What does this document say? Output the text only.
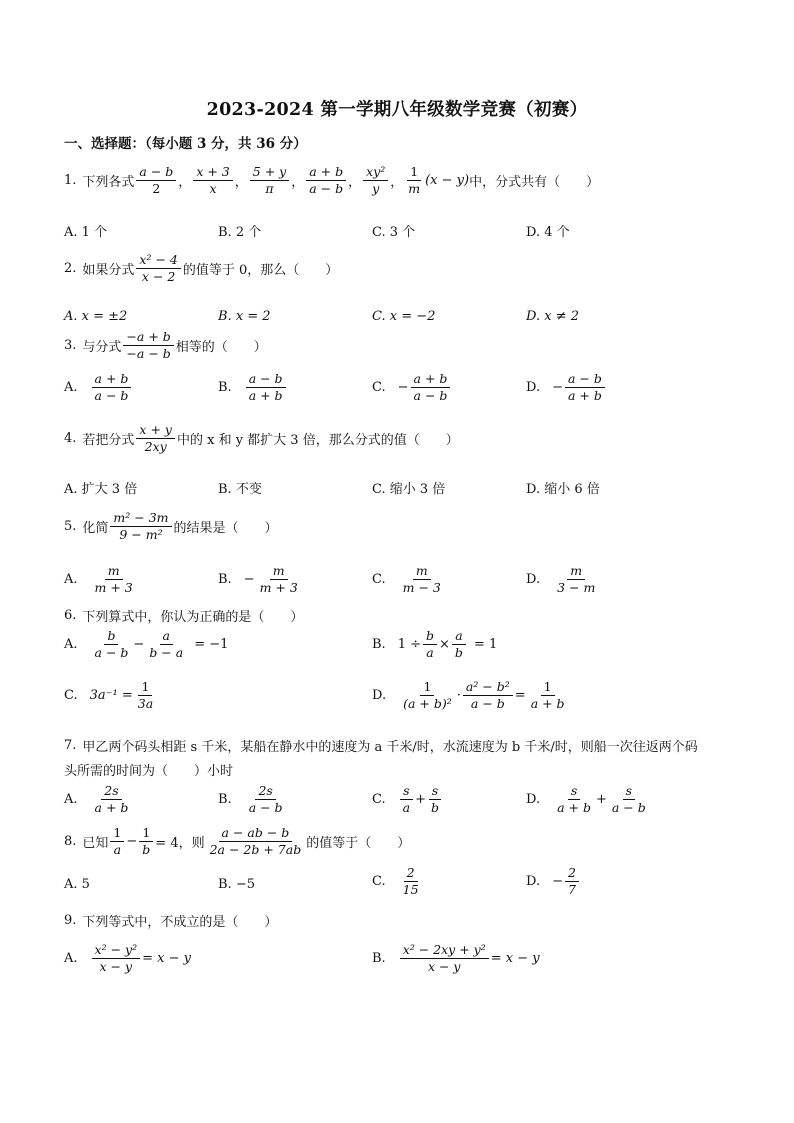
2023-2024 第一学期八年级数学竞赛（初赛）
一、选择题：（每小题 3 分，共 36 分）
1. 下列各式 $\frac{a - b}{2}$ ， $\frac{x + 3}{x}$ ， $\frac{5 + y}{\pi}$ ， $\frac{a + b}{a - b}$ ， $\frac{\text{xy²}}{y}$ ， $\frac{1}{m} (x - y)$ 中，分式共有（　　）
A. 1 个	B. 2 个	C. 3 个	D. 4 个
2. 如果分式 $\frac{\text{x² − 4}}{x - 2}$ 的值等于 0，那么（　　）
A. x = ±2	B. x = 2	C. x = −2	D. x ≠ 2
3. 与分式 $\frac{-a + b}{-a - b}$ 相等的（　　）
A. $\frac{a + b}{a - b}$	B. $\frac{a - b}{a + b}$	C. − $\frac{a + b}{a - b}$	D. − $\frac{a - b}{a + b}$
4. 若把分式 $\frac{x + y}{2xy}$ 中的 x 和 y 都扩大 3 倍，那么分式的值（　　）
A. 扩大 3 倍	B. 不变	C. 缩小 3 倍	D. 缩小 6 倍
5. 化简 $\frac{\text{m² − 3m}}{\text{9 − m²}}$ 的结果是（　　）
A. $\frac{m}{m + 3}$	B. − $\frac{m}{m + 3}$	C. $\frac{m}{m - 3}$	D. $\frac{m}{3 - m}$
6. 下列算式中，你认为正确的是（　　）
A. $\frac{b}{a - b} - \frac{a}{b - a} = -1$	B. $1 \div \frac{b}{a} \times \frac{a}{b} = 1$
C. $3a^{-1} = \frac{1}{3a}$	D. $\frac{1}{\text{(a + b)²}} \cdot \frac{\text{a² − b²}}{a - b} = \frac{1}{a + b}$
7. 甲乙两个码头相距 s 千米，某船在静水中的速度为 a 千米/时，水流速度为 b 千米/时，则船一次往返两个码
头所需的时间为（　　）小时
A. $\frac{2s}{a + b}$	B. $\frac{2s}{a - b}$	C. $\frac{s}{a} + \frac{s}{b}$	D. $\frac{s}{a + b} + \frac{s}{a - b}$
8. 已知 $\frac{1}{a} - \frac{1}{b} = 4$，则 $\frac{a - ab - b}{2a - 2b + 7ab}$ 的值等于（　　）
A. 5	B. −5	C. $\frac{2}{15}$	D. − $\frac{2}{7}$
9. 下列等式中，不成立的是（　　）
A. $\frac{\text{x² − y²}}{x - y} = x - y$	B. $\frac{\text{x² − 2xy + y²}}{x - y} = x - y$
